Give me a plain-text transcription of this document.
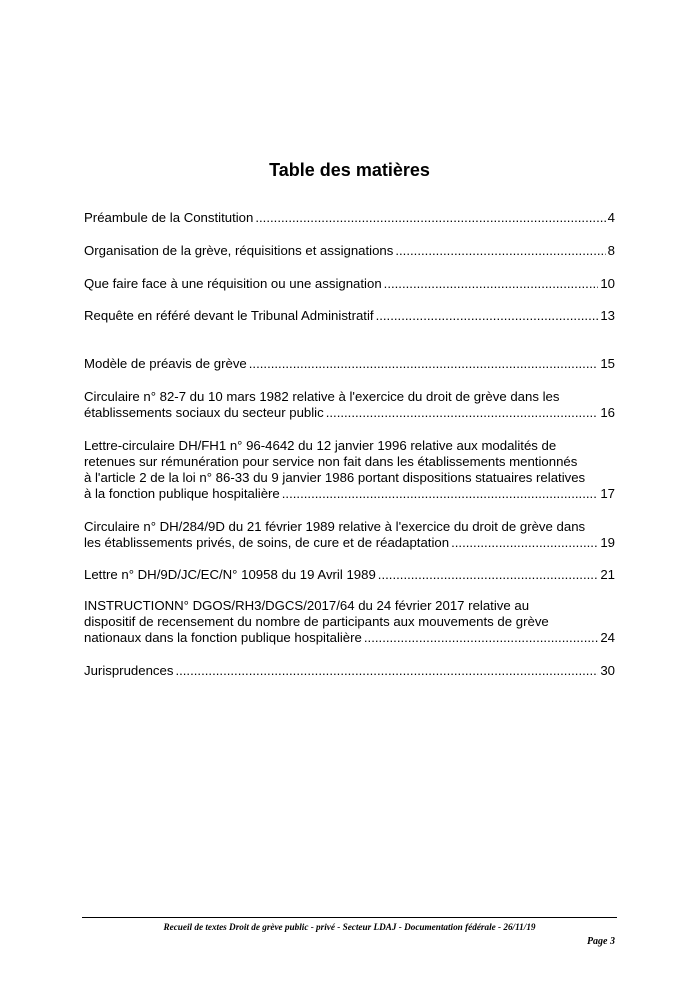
Table des matières
Préambule de la Constitution .....	4
Organisation de la grève, réquisitions et assignations .....	8
Que faire face à une réquisition ou une assignation .....	10
Requête en référé devant le Tribunal Administratif .....	13
Modèle de préavis de grève .....	15
Circulaire n° 82-7 du 10 mars 1982 relative à l'exercice du droit de grève dans les
établissements sociaux du secteur public .....	16
Lettre-circulaire DH/FH1 n° 96-4642 du 12 janvier 1996 relative aux modalités de
retenues sur rémunération pour service non fait dans les établissements mentionnés
à l'article 2 de la loi n° 86-33 du 9 janvier 1986 portant dispositions statuaires relatives
à la fonction publique hospitalière .....	17
Circulaire n° DH/284/9D du 21 février 1989 relative à l'exercice du droit de grève dans
les établissements privés, de soins, de cure et de réadaptation .....	19
Lettre n° DH/9D/JC/EC/N° 10958 du 19 Avril 1989 .....	21
INSTRUCTIONN° DGOS/RH3/DGCS/2017/64 du 24 février 2017 relative au
dispositif de recensement du nombre de participants aux mouvements de grève
nationaux dans la fonction publique hospitalière .....	24
Jurisprudences .....	30
Recueil de textes Droit de grève public - privé - Secteur LDAJ - Documentation fédérale - 26/11/19
Page 3
